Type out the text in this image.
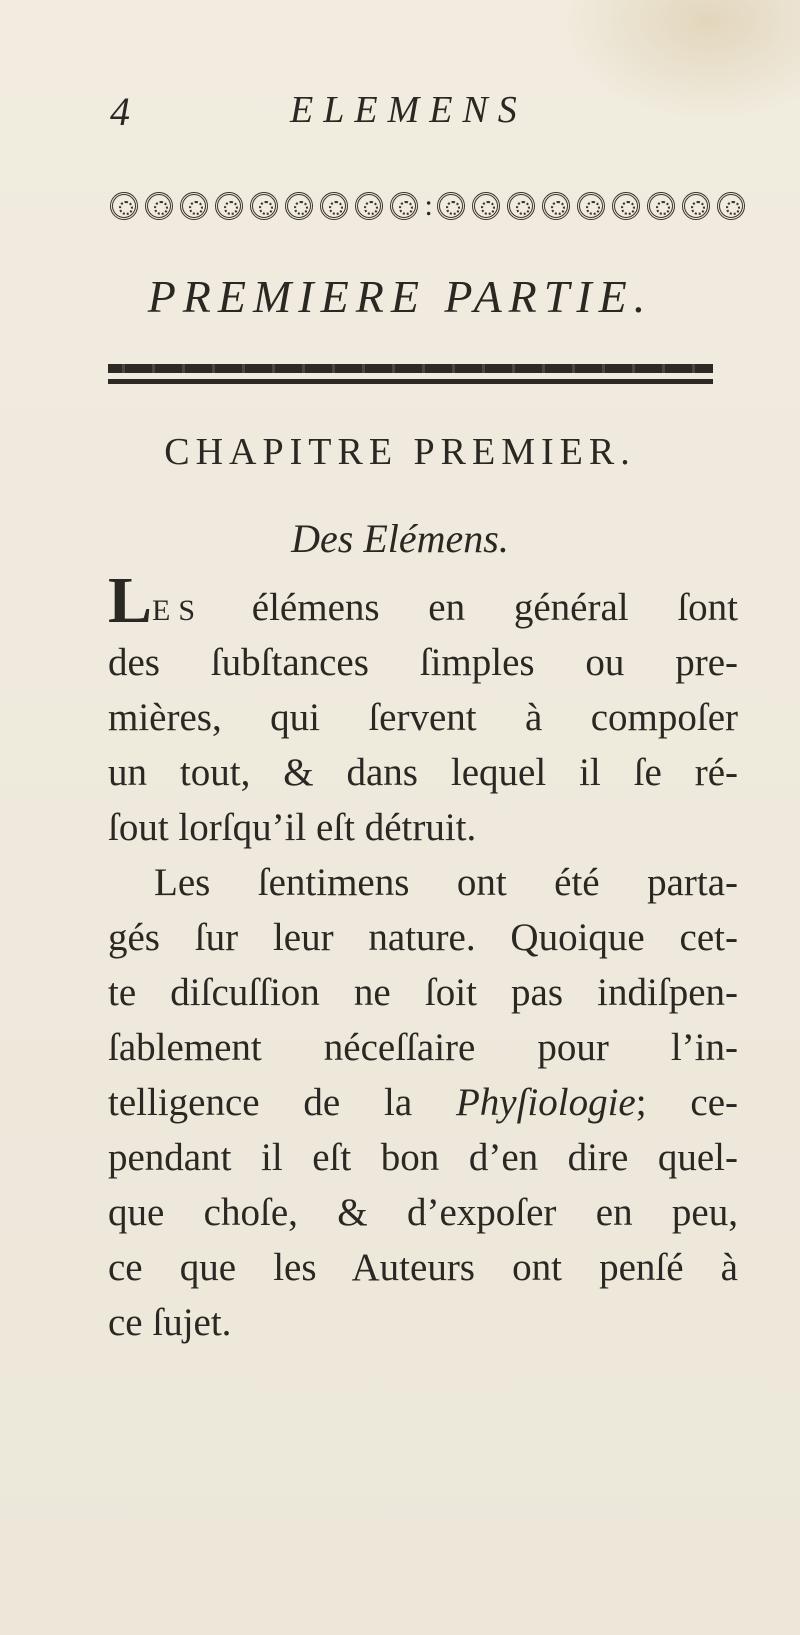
4	ELEMENS
:
PREMIERE PARTIE.
CHAPITRE PREMIER.
Des Elémens.
LES élémens en général ſont
des ſubſtances ſimples ou pre-
mières, qui ſervent à compoſer
un tout, & dans lequel il ſe ré-
ſout lorſqu’il eſt détruit.
Les ſentimens ont été parta-
gés ſur leur nature. Quoique cet-
te diſcuſſion ne ſoit pas indiſpen-
ſablement néceſſaire pour l’in-
telligence de la Phyſiologie; ce-
pendant il eſt bon d’en dire quel-
que choſe, & d’expoſer en peu,
ce que les Auteurs ont penſé à
ce ſujet.
